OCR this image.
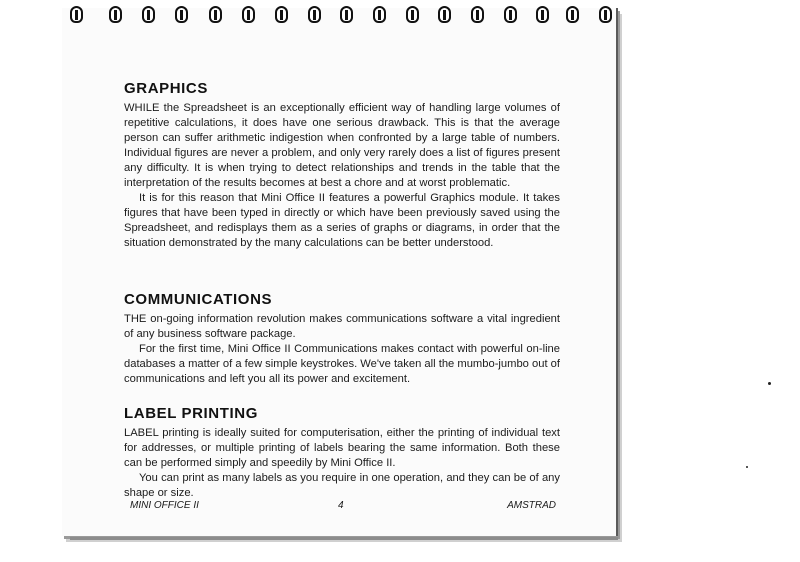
GRAPHICS

WHILE the Spreadsheet is an exceptionally efficient way of handling large volumes of repetitive calculations, it does have one serious drawback. This is that the average person can suffer arithmetic indigestion when confronted by a large table of numbers. Individual figures are never a problem, and only very rarely does a list of figures present any difficulty. It is when trying to detect relationships and trends in the table that the interpretation of the results becomes at best a chore and at worst problematic.

It is for this reason that Mini Office II features a powerful Graphics module. It takes figures that have been typed in directly or which have been previously saved using the Spreadsheet, and redisplays them as a series of graphs or diagrams, in order that the situation demonstrated by the many calculations can be better understood.

COMMUNICATIONS

THE on-going information revolution makes communications software a vital ingredient of any business software package.

For the first time, Mini Office II Communications makes contact with powerful on-line databases a matter of a few simple keystrokes. We've taken all the mumbo-jumbo out of communications and left you all its power and excitement.

LABEL PRINTING

LABEL printing is ideally suited for computerisation, either the printing of individual text for addresses, or multiple printing of labels bearing the same information. Both these can be performed simply and speedily by Mini Office II.

You can print as many labels as you require in one operation, and they can be of any shape or size.

MINI OFFICE II	4	AMSTRAD
